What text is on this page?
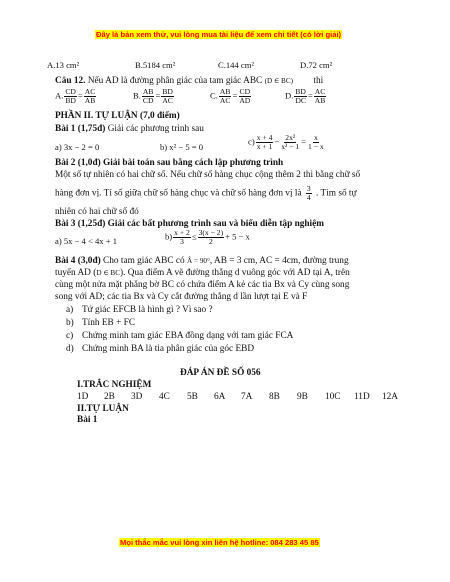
Đây là bản xem thử, vui lòng mua tài liệu để xem chi tiết (có lời giải)
A.13 cm²	B.5184 cm²	C.144 cm²	D.72 cm²
Câu 12. Nếu AD là đường phân giác của tam giác ABC (D ∈ BC) thì
A. $\frac{CD}{BD} = \frac{AC}{AB}$	B. $\frac{AB}{CD} = \frac{BD}{AC}$	C. $\frac{AB}{AC} = \frac{CD}{AD}$	D. $\frac{BD}{DC} = \frac{AC}{AB}$
PHẦN II. TỰ LUẬN (7,0 điểm)
Bài 1 (1,75đ) Giải các phương trình sau
a) 3x − 2 = 0	b) x² − 5 = 0
$c) \frac{x + 4}{x + 1} - \frac{\text{2x²}}{\text{x² − 1}} = \frac{x}{1 - x}$
Bài 2 (1,0đ) Giải bài toán sau bằng cách lập phương trình
Một số tự nhiên có hai chữ số. Nếu chữ số hàng chục cộng thêm 2 thì bằng chữ số
hàng đơn vị. Tỉ số giữa chữ số hàng chục và chữ số hàng đơn vị là $\frac{3}{4}$ . Tìm số tự
nhiên có hai chữ số đó
Bài 3 (1,25đ) Giải các bất phương trình sau và biểu diễn tập nghiệm
a) 5x − 4 < 4x + 1	$b) \frac{x + 2}{3} \le \frac{3(x - 2)}{2} + 5 - x$
Bài 4 (3,0đ) Cho tam giác ABC có Â = 90°, AB = 3 cm, AC = 4cm, đường trung
tuyến AD (D ∈ BC). Qua điểm A vẽ đường thẳng d vuông góc với AD tại A, trên
cùng một nửa mặt phẳng bờ BC có chứa điểm A kẻ các tia Bx và Cy cùng song
song với AD; các tia Bx và Cy cắt đường thẳng d lần lượt tại E và F
a) Tứ giác EFCB là hình gì ? Vì sao ?
b) Tính EB + FC
c) Chứng minh tam giác EBA đồng dạng với tam giác FCA
d) Chứng minh BA là tia phân giác của góc EBD
ĐÁP ÁN ĐỀ SỐ 056
I.TRẮC NGHIỆM
1D 2B 3D 4C 5B 6A 7A 8B 9B 10C 11D 12A
II.TỰ LUẬN
Bài 1
Mọi thắc mắc vui lòng xin liên hệ hotline: 084 283 45 85
